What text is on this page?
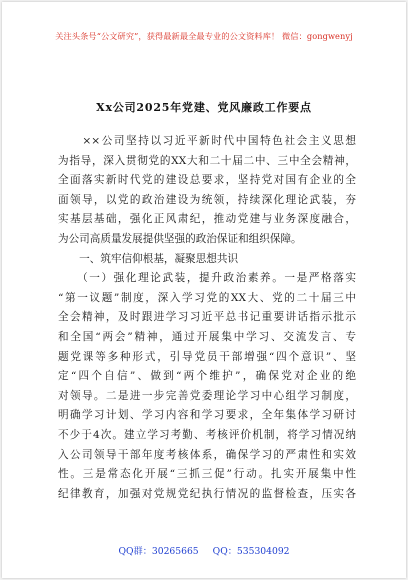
关注头条号“公文研究”，获得最新最全最专业的公文资料库！ 微信：gongwenyj
Xx公司2025年党建、党风廉政工作要点
　　××公司坚持以习近平新时代中国特色社会主义思想
为指导，深入贯彻党的XX大和二十届二中、三中全会精神，
全面落实新时代党的建设总要求，坚持党对国有企业的全
面领导，以党的政治建设为统领，持续深化理论武装，夯
实基层基础，强化正风肃纪，推动党建与业务深度融合，
为公司高质量发展提供坚强的政治保证和组织保障。
　　一、筑牢信仰根基，凝聚思想共识
　　（一）强化理论武装，提升政治素养。一是严格落实
“第一议题”制度，深入学习党的XX大、党的二十届三中
全会精神，及时跟进学习习近平总书记重要讲话指示批示
和全国“两会”精神，通过开展集中学习、交流发言、专
题党课等多种形式，引导党员干部增强“四个意识”、坚
定“四个自信”、做到“两个维护”，确保党对企业的绝
对领导。二是进一步完善党委理论学习中心组学习制度，
明确学习计划、学习内容和学习要求，全年集体学习研讨
不少于4次。建立学习考勤、考核评价机制，将学习情况纳
入公司领导干部年度考核体系，确保学习的严肃性和实效
性。三是常态化开展“三抓三促”行动。扎实开展集中性
纪律教育，加强对党规党纪执行情况的监督检查，压实各
QQ群：30265665 QQ：535304092
